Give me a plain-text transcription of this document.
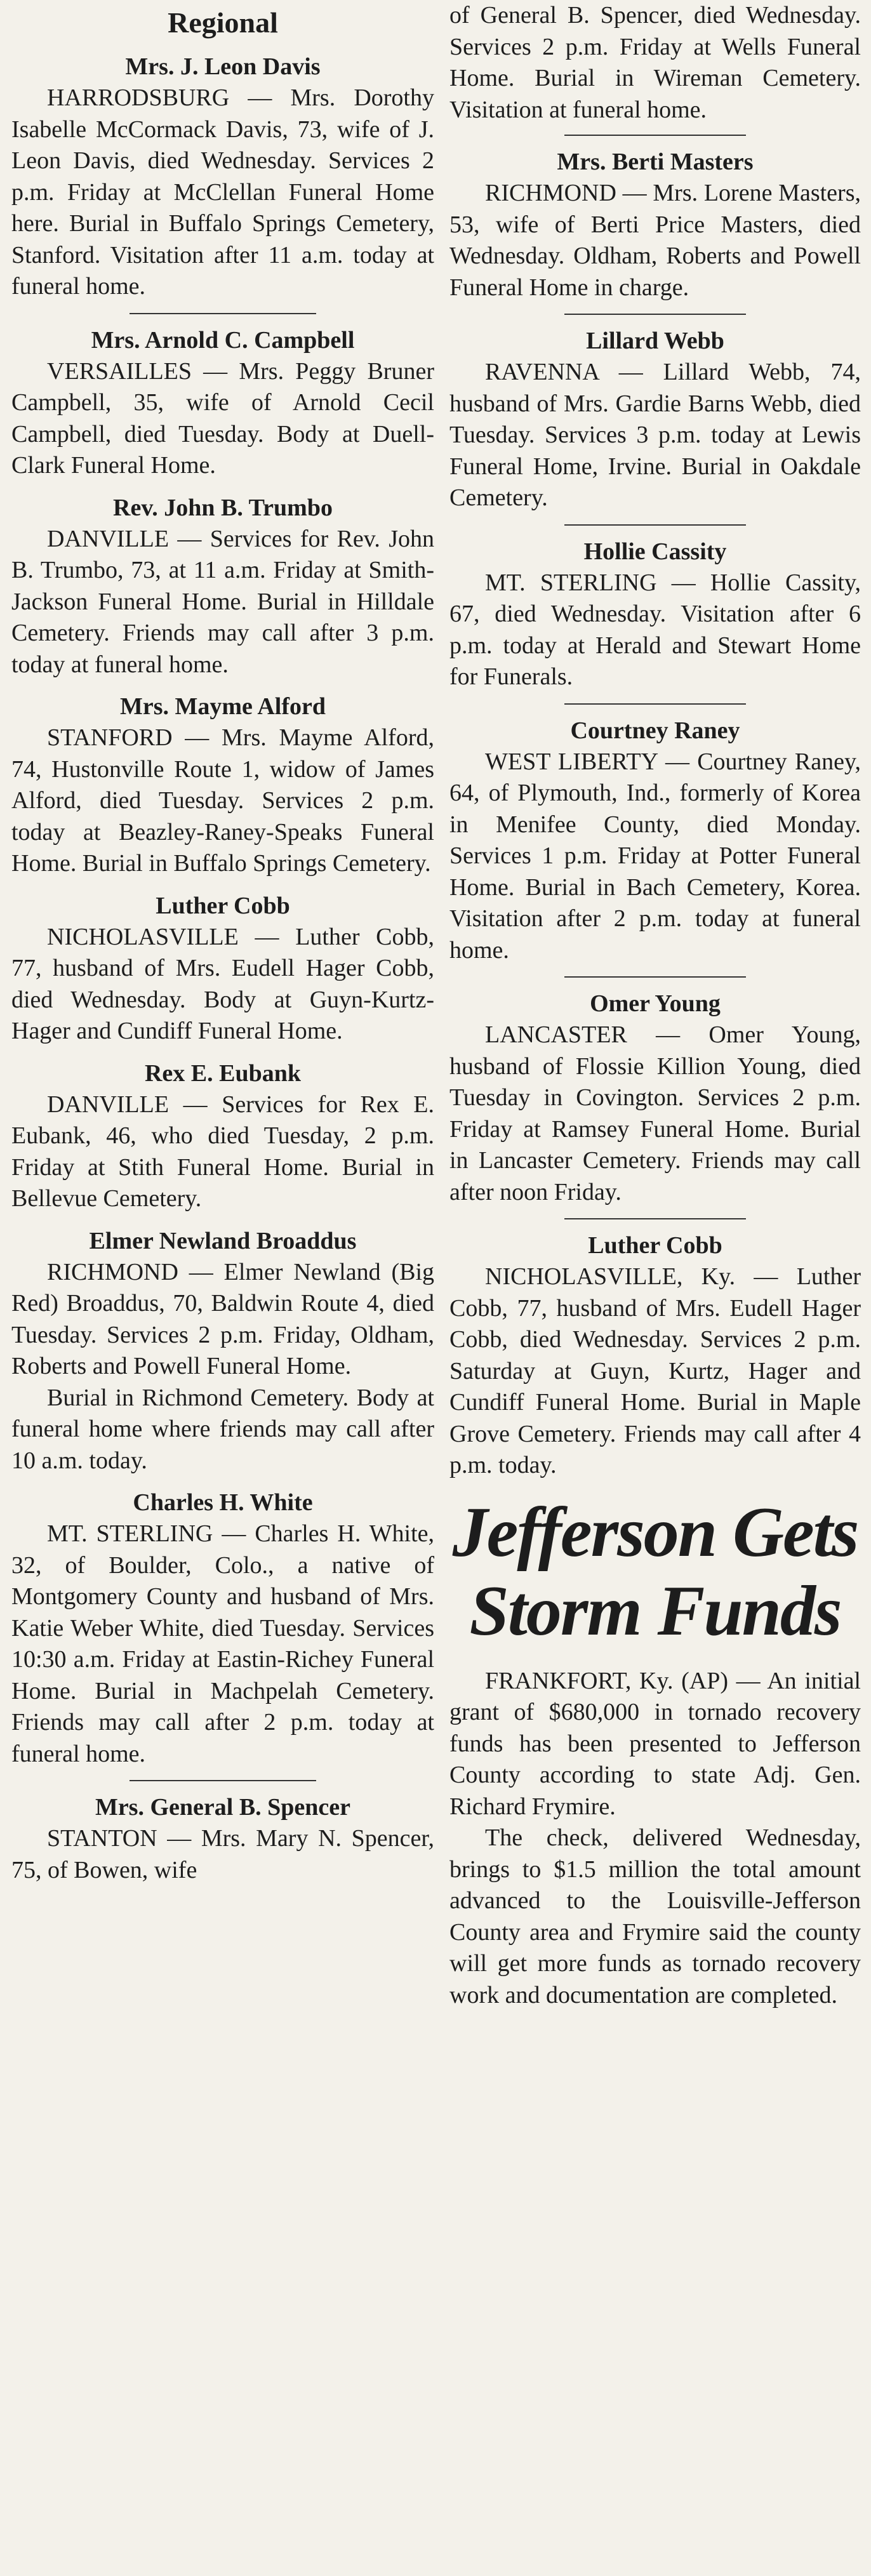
Regional
Mrs. J. Leon Davis

HARRODSBURG — Mrs. Dorothy Isabelle McCormack Davis, 73, wife of J. Leon Davis, died Wednesday. Services 2 p.m. Friday at McClellan Funeral Home here. Burial in Buffalo Springs Cemetery, Stanford. Visitation after 11 a.m. today at funeral home.

Mrs. Arnold C. Campbell

VERSAILLES — Mrs. Peggy Bruner Campbell, 35, wife of Arnold Cecil Campbell, died Tuesday. Body at Duell-Clark Funeral Home.

Rev. John B. Trumbo

DANVILLE — Services for Rev. John B. Trumbo, 73, at 11 a.m. Friday at Smith-Jackson Funeral Home. Burial in Hilldale Cemetery. Friends may call after 3 p.m. today at funeral home.

Mrs. Mayme Alford

STANFORD — Mrs. Mayme Alford, 74, Hustonville Route 1, widow of James Alford, died Tuesday. Services 2 p.m. today at Beazley-Raney-Speaks Funeral Home. Burial in Buffalo Springs Cemetery.

Luther Cobb

NICHOLASVILLE — Luther Cobb, 77, husband of Mrs. Eudell Hager Cobb, died Wednesday. Body at Guyn-Kurtz-Hager and Cundiff Funeral Home.

Rex E. Eubank

DANVILLE — Services for Rex E. Eubank, 46, who died Tuesday, 2 p.m. Friday at Stith Funeral Home. Burial in Bellevue Cemetery.

Elmer Newland Broaddus

RICHMOND — Elmer Newland (Big Red) Broaddus, 70, Baldwin Route 4, died Tuesday. Services 2 p.m. Friday, Oldham, Roberts and Powell Funeral Home.

Burial in Richmond Cemetery. Body at funeral home where friends may call after 10 a.m. today.

Charles H. White

MT. STERLING — Charles H. White, 32, of Boulder, Colo., a native of Montgomery County and husband of Mrs. Katie Weber White, died Tuesday. Services 10:30 a.m. Friday at Eastin-Richey Funeral Home. Burial in Machpelah Cemetery. Friends may call after 2 p.m. today at funeral home.

Mrs. General B. Spencer

STANTON — Mrs. Mary N. Spencer, 75, of Bowen, wife

of General B. Spencer, died Wednesday. Services 2 p.m. Friday at Wells Funeral Home. Burial in Wireman Cemetery. Visitation at funeral home.

Mrs. Berti Masters

RICHMOND — Mrs. Lorene Masters, 53, wife of Berti Price Masters, died Wednesday. Oldham, Roberts and Powell Funeral Home in charge.

Lillard Webb

RAVENNA — Lillard Webb, 74, husband of Mrs. Gardie Barns Webb, died Tuesday. Services 3 p.m. today at Lewis Funeral Home, Irvine. Burial in Oakdale Cemetery.

Hollie Cassity

MT. STERLING — Hollie Cassity, 67, died Wednesday. Visitation after 6 p.m. today at Herald and Stewart Home for Funerals.

Courtney Raney

WEST LIBERTY — Courtney Raney, 64, of Plymouth, Ind., formerly of Korea in Menifee County, died Monday. Services 1 p.m. Friday at Potter Funeral Home. Burial in Bach Cemetery, Korea. Visitation after 2 p.m. today at funeral home.

Omer Young

LANCASTER — Omer Young, husband of Flossie Killion Young, died Tuesday in Covington. Services 2 p.m. Friday at Ramsey Funeral Home. Burial in Lancaster Cemetery. Friends may call after noon Friday.

Luther Cobb

NICHOLASVILLE, Ky. — Luther Cobb, 77, husband of Mrs. Eudell Hager Cobb, died Wednesday. Services 2 p.m. Saturday at Guyn, Kurtz, Hager and Cundiff Funeral Home. Burial in Maple Grove Cemetery. Friends may call after 4 p.m. today.

Jefferson Gets
Storm Funds

FRANKFORT, Ky. (AP) — An initial grant of $680,000 in tornado recovery funds has been presented to Jefferson County according to state Adj. Gen. Richard Frymire.

The check, delivered Wednesday, brings to $1.5 million the total amount advanced to the Louisville-Jefferson County area and Frymire said the county will get more funds as tornado recovery work and documentation are completed.
